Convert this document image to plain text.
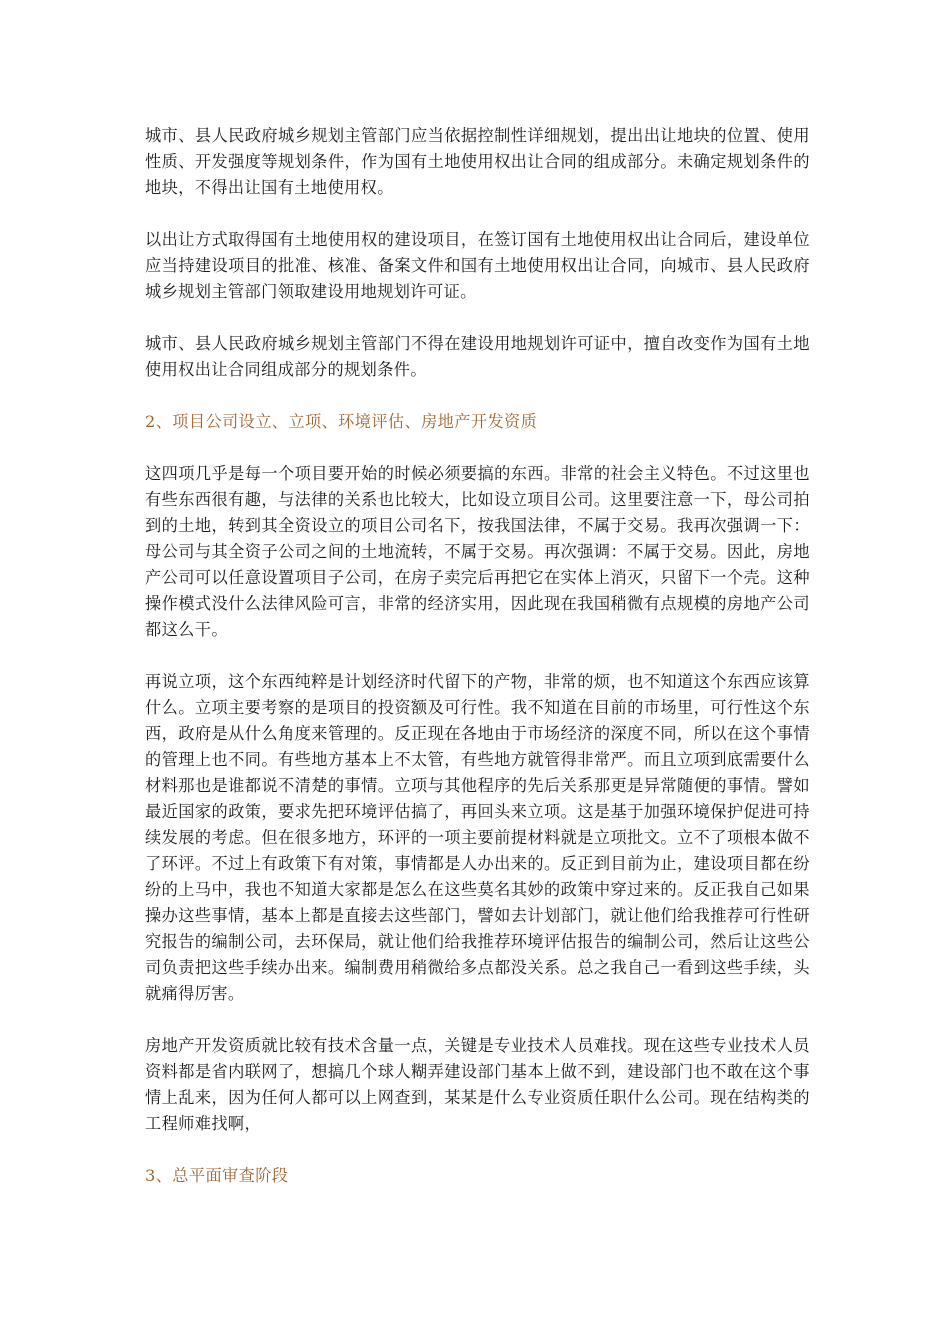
城市、县人民政府城乡规划主管部门应当依据控制性详细规划，提出出让地块的位置、使用性质、开发强度等规划条件，作为国有土地使用权出让合同的组成部分。未确定规划条件的地块，不得出让国有土地使用权。

以出让方式取得国有土地使用权的建设项目，在签订国有土地使用权出让合同后，建设单位应当持建设项目的批准、核准、备案文件和国有土地使用权出让合同，向城市、县人民政府城乡规划主管部门领取建设用地规划许可证。

城市、县人民政府城乡规划主管部门不得在建设用地规划许可证中，擅自改变作为国有土地使用权出让合同组成部分的规划条件。

2、项目公司设立、立项、环境评估、房地产开发资质

这四项几乎是每一个项目要开始的时候必须要搞的东西。非常的社会主义特色。不过这里也有些东西很有趣，与法律的关系也比较大，比如设立项目公司。这里要注意一下，母公司拍到的土地，转到其全资设立的项目公司名下，按我国法律，不属于交易。我再次强调一下：母公司与其全资子公司之间的土地流转，不属于交易。再次强调：不属于交易。因此，房地产公司可以任意设置项目子公司，在房子卖完后再把它在实体上消灭，只留下一个壳。这种操作模式没什么法律风险可言，非常的经济实用，因此现在我国稍微有点规模的房地产公司都这么干。

再说立项，这个东西纯粹是计划经济时代留下的产物，非常的烦，也不知道这个东西应该算什么。立项主要考察的是项目的投资额及可行性。我不知道在目前的市场里，可行性这个东西，政府是从什么角度来管理的。反正现在各地由于市场经济的深度不同，所以在这个事情的管理上也不同。有些地方基本上不太管，有些地方就管得非常严。而且立项到底需要什么材料那也是谁都说不清楚的事情。立项与其他程序的先后关系那更是异常随便的事情。譬如最近国家的政策，要求先把环境评估搞了，再回头来立项。这是基于加强环境保护促进可持续发展的考虑。但在很多地方，环评的一项主要前提材料就是立项批文。立不了项根本做不了环评。不过上有政策下有对策，事情都是人办出来的。反正到目前为止，建设项目都在纷纷的上马中，我也不知道大家都是怎么在这些莫名其妙的政策中穿过来的。反正我自己如果操办这些事情，基本上都是直接去这些部门，譬如去计划部门，就让他们给我推荐可行性研究报告的编制公司，去环保局，就让他们给我推荐环境评估报告的编制公司，然后让这些公司负责把这些手续办出来。编制费用稍微给多点都没关系。总之我自己一看到这些手续，头就痛得厉害。

房地产开发资质就比较有技术含量一点，关键是专业技术人员难找。现在这些专业技术人员资料都是省内联网了，想搞几个球人糊弄建设部门基本上做不到，建设部门也不敢在这个事情上乱来，因为任何人都可以上网查到，某某是什么专业资质任职什么公司。现在结构类的工程师难找啊，

3、总平面审查阶段
